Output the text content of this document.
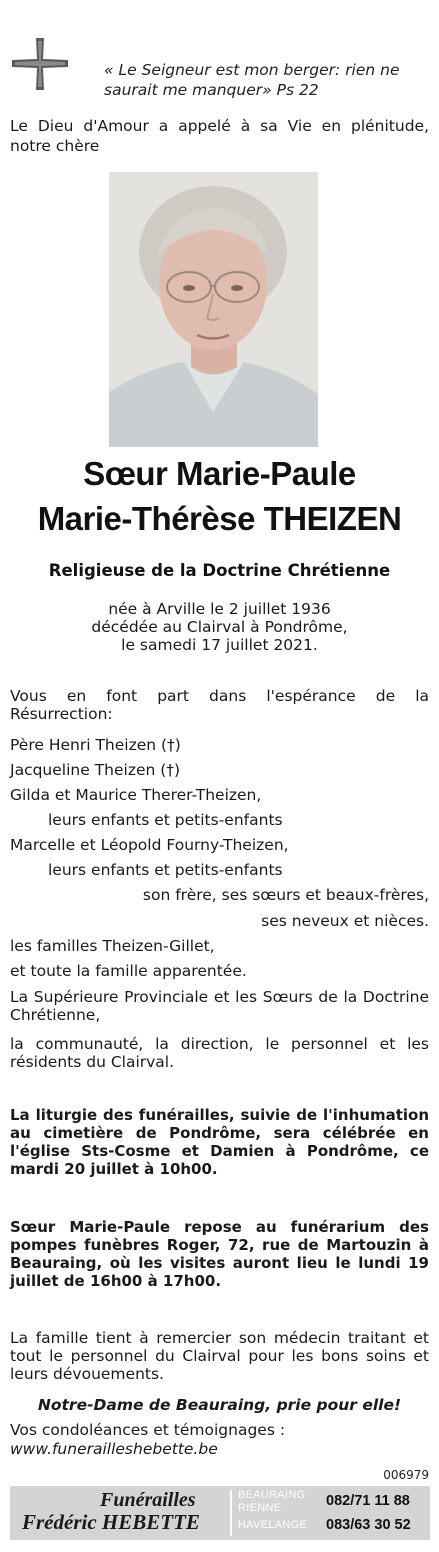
« Le Seigneur est mon berger: rien ne saurait me manquer» Ps 22
Le Dieu d'Amour a appelé à sa Vie en plénitude, notre chère
Sœur Marie-Paule
Marie-Thérèse THEIZEN
Religieuse de la Doctrine Chrétienne
née à Arville le 2 juillet 1936
décédée au Clairval à Pondrôme,
le samedi 17 juillet 2021.
Vous en font part dans l'espérance de la Résurrection:
Père Henri Theizen (†)
Jacqueline Theizen (†)
Gilda et Maurice Therer-Theizen,
leurs enfants et petits-enfants
Marcelle et Léopold Fourny-Theizen,
leurs enfants et petits-enfants
son frère, ses sœurs et beaux-frères,
ses neveux et nièces.
les familles Theizen-Gillet,
et toute la famille apparentée.
La Supérieure Provinciale et les Sœurs de la Doctrine Chrétienne,
la communauté, la direction, le personnel et les résidents du Clairval.
La liturgie des funérailles, suivie de l'inhumation au cimetière de Pondrôme, sera célébrée en l'église Sts-Cosme et Damien à Pondrôme, ce mardi 20 juillet à 10h00.
Sœur Marie-Paule repose au funérarium des pompes funèbres Roger, 72, rue de Martouzin à Beauraing, où les visites auront lieu le lundi 19 juillet de 16h00 à 17h00.
La famille tient à remercier son médecin traitant et tout le personnel du Clairval pour les bons soins et leurs dévouements.
Notre-Dame de Beauraing, prie pour elle!
Vos condoléances et témoignages :
www.funerailleshebette.be
006979
Funérailles
Frédéric HEBETTE
BEAURAING
RIENNE
HAVELANGE
082/71 11 88
083/63 30 52
